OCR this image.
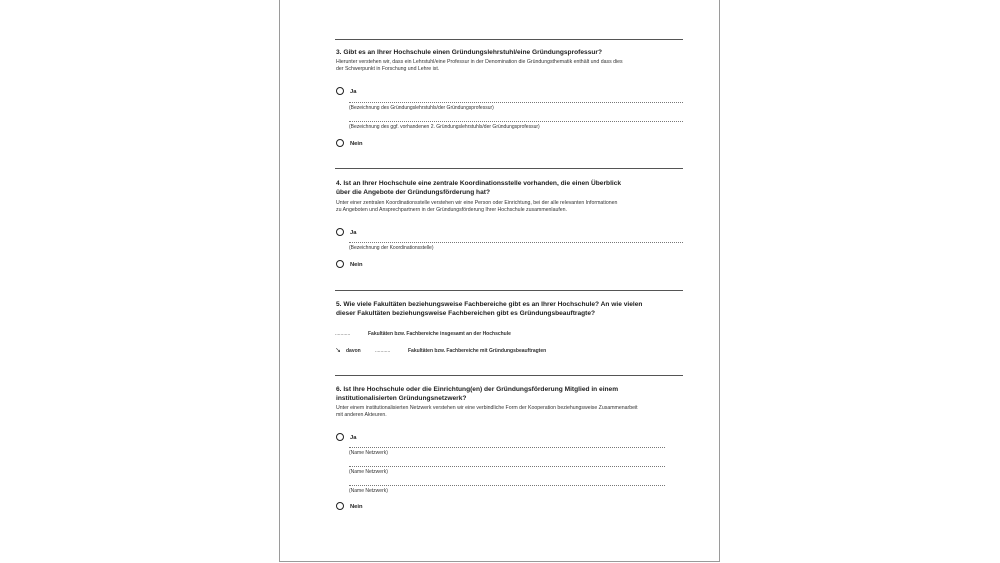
3. Gibt es an Ihrer Hochschule einen Gründungslehrstuhl/eine Gründungsprofessur?
Hierunter verstehen wir, dass ein Lehrstuhl/eine Professur in der Denomination die Gründungsthematik enthält und dass dies
der Schwerpunkt in Forschung und Lehre ist.
Ja
(Bezeichnung des Gründungslehrstuhls/der Gründungsprofessur)
(Bezeichnung des ggf. vorhandenen 2. Gründungslehrstuhls/der Gründungsprofessur)
Nein
4. Ist an Ihrer Hochschule eine zentrale Koordinationsstelle vorhanden, die einen Überblick
über die Angebote der Gründungsförderung hat?
Unter einer zentralen Koordinationsstelle verstehen wir eine Person oder Einrichtung, bei der alle relevanten Informationen
zu Angeboten und Ansprechpartnern in der Gründungsförderung Ihrer Hochschule zusammenlaufen.
Ja
(Bezeichnung der Koordinationsstelle)
Nein
5. Wie viele Fakultäten beziehungsweise Fachbereiche gibt es an Ihrer Hochschule? An wie vielen
dieser Fakultäten beziehungsweise Fachbereichen gibt es Gründungsbeauftragte?
...........	Fakultäten bzw. Fachbereiche insgesamt an der Hochschule
↘ davon	...........	Fakultäten bzw. Fachbereiche mit Gründungsbeauftragten
6. Ist Ihre Hochschule oder die Einrichtung(en) der Gründungsförderung Mitglied in einem
institutionalisierten Gründungsnetzwerk?
Unter einem institutionalisierten Netzwerk verstehen wir eine verbindliche Form der Kooperation beziehungsweise Zusammenarbeit
mit anderen Akteuren.
Ja
(Name Netzwerk)
(Name Netzwerk)
(Name Netzwerk)
Nein
